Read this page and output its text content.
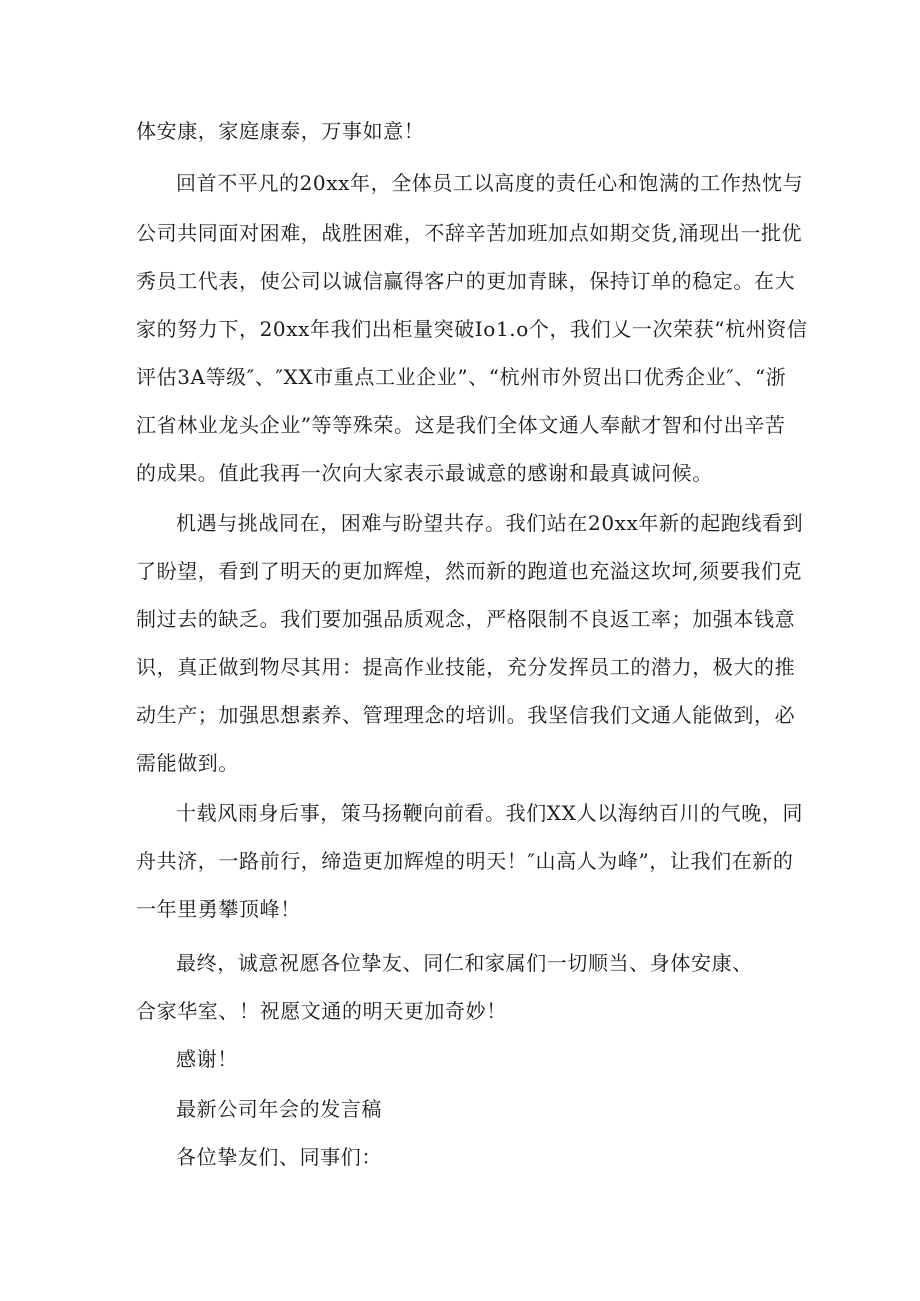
体安康，家庭康泰，万事如意！
回首不平凡的20xx年，全体员工以高度的责任心和饱满的工作热忱与
公司共同面对困难，战胜困难，不辞辛苦加班加点如期交货,涌现出一批优
秀员工代表，使公司以诚信赢得客户的更加青睐，保持订单的稳定。在大
家的努力下，20xx年我们出柜量突破Io1.o个，我们乂一次荣获“杭州资信
评估3A等级″、″XX市重点工业企业”、“杭州市外贸出口优秀企业″、“浙
江省林业龙头企业”等等殊荣。这是我们全体文通人奉献才智和付出辛苦
的成果。值此我再一次向大家表示最诚意的感谢和最真诚问候。
机遇与挑战同在，困难与盼望共存。我们站在20xx年新的起跑线看到
了盼望，看到了明天的更加辉煌，然而新的跑道也充溢这坎坷,须要我们克
制过去的缺乏。我们要加强品质观念，严格限制不良返工率；加强本钱意
识，真正做到物尽其用：提高作业技能，充分发挥员工的潜力，极大的推
动生产；加强思想素养、管理理念的培训。我坚信我们文通人能做到，必
需能做到。
十载风雨身后事，策马扬鞭向前看。我们XX人以海纳百川的气晚，同
舟共济，一路前行，缔造更加辉煌的明天！″山高人为峰”，让我们在新的
一年里勇攀顶峰！
最终，诚意祝愿各位挚友、同仁和家属们一切顺当、身体安康、
合家华室、！祝愿文通的明天更加奇妙！
感谢！
最新公司年会的发言稿
各位挚友们、同事们：
